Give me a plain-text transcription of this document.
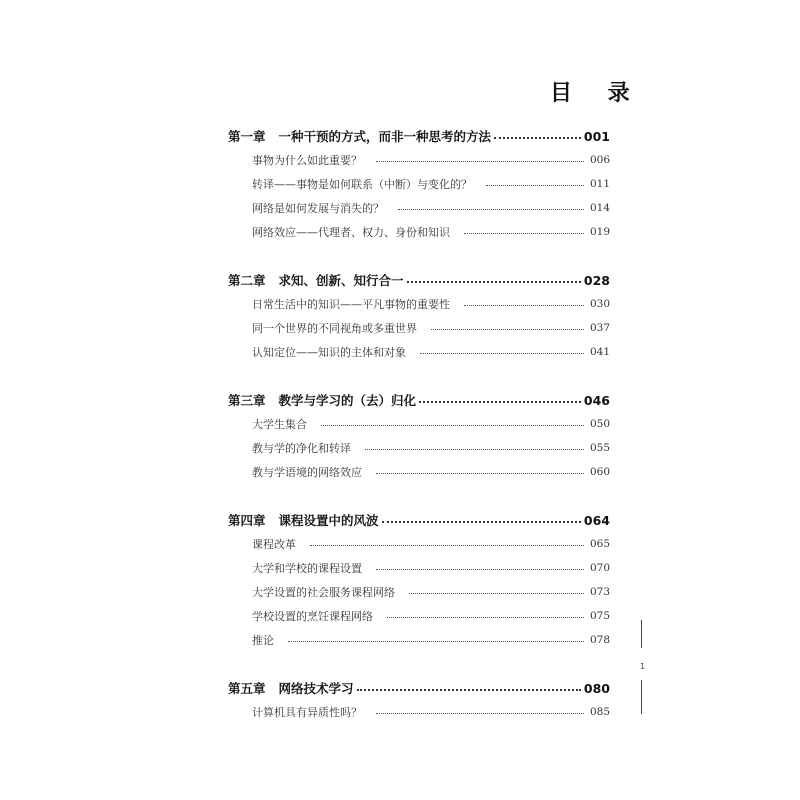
目 录
第一章 一种干预的方式，而非一种思考的方法	001
事物为什么如此重要？	006
转译——事物是如何联系（中断）与变化的？	011
网络是如何发展与消失的？	014
网络效应——代理者、权力、身份和知识	019
第二章 求知、创新、知行合一	028
日常生活中的知识——平凡事物的重要性	030
同一个世界的不同视角或多重世界	037
认知定位——知识的主体和对象	041
第三章 教学与学习的（去）归化	046
大学生集合	050
教与学的净化和转译	055
教与学语境的网络效应	060
第四章 课程设置中的风波	064
课程改革	065
大学和学校的课程设置	070
大学设置的社会服务课程网络	073
学校设置的烹饪课程网络	075
推论	078
第五章 网络技术学习	080
计算机具有异质性吗？	085
1
